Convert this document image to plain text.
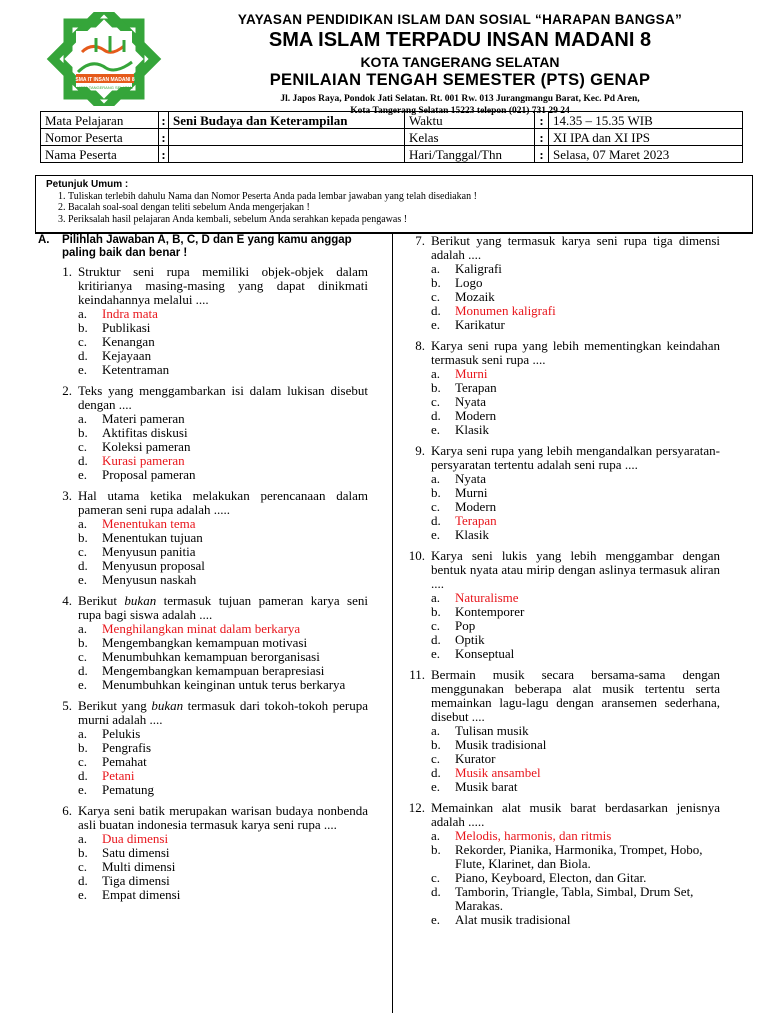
SMA IT INSAN MADANI 8
KOTA TANGERANG SELATAN
YAYASAN PENDIDIKAN ISLAM DAN SOSIAL “HARAPAN BANGSA”
SMA ISLAM TERPADU INSAN MADANI 8
KOTA TANGERANG SELATAN
PENILAIAN TENGAH SEMESTER (PTS) GENAP
Jl. Japos Raya, Pondok Jati Selatan. Rt. 001 Rw. 013 Jurangmangu Barat, Kec. Pd Aren,
Kota Tangerang Selatan 15223 telepon (021) 731 29 24
Mata Pelajaran	:	Seni Budaya dan Keterampilan	Waktu	:	14.35 – 15.35 WIB
Nomor Peserta	:		Kelas	:	XI IPA dan XI IPS
Nama Peserta	:		Hari/Tanggal/Thn	:	Selasa, 07 Maret 2023
Petunjuk Umum :
1. Tuliskan terlebih dahulu Nama dan Nomor Peserta Anda pada lembar jawaban yang telah disediakan !
2. Bacalah soal-soal dengan teliti sebelum Anda mengerjakan !
3. Periksalah hasil pelajaran Anda kembali, sebelum Anda serahkan kepada pengawas !
A.	Pilihlah Jawaban A, B, C, D dan E yang kamu anggap paling baik dan benar !
1. Struktur seni rupa memiliki objek-objek dalam kritirianya masing-masing yang dapat dinikmati keindahannya melalui ....
a.	Indra mata
b.	Publikasi
c.	Kenangan
d.	Kejayaan
e.	Ketentraman
2. Teks yang menggambarkan isi dalam lukisan disebut dengan ....
a.	Materi pameran
b.	Aktifitas diskusi
c.	Koleksi pameran
d.	Kurasi pameran
e.	Proposal pameran
3. Hal utama ketika melakukan perencanaan dalam pameran seni rupa adalah .....
a.	Menentukan tema
b.	Menentukan tujuan
c.	Menyusun panitia
d.	Menyusun proposal
e.	Menyusun naskah
4. Berikut bukan termasuk tujuan pameran karya seni rupa bagi siswa adalah ....
a.	Menghilangkan minat dalam berkarya
b.	Mengembangkan kemampuan motivasi
c.	Menumbuhkan kemampuan berorganisasi
d.	Mengembangkan kemampuan berapresiasi
e.	Menumbuhkan keinginan untuk terus berkarya
5. Berikut yang bukan termasuk dari tokoh-tokoh perupa murni adalah ....
a.	Pelukis
b.	Pengrafis
c.	Pemahat
d.	Petani
e.	Pematung
6. Karya seni batik merupakan warisan budaya nonbenda asli buatan indonesia termasuk karya seni rupa ....
a.	Dua dimensi
b.	Satu dimensi
c.	Multi dimensi
d.	Tiga dimensi
e.	Empat dimensi
7. Berikut yang termasuk karya seni rupa tiga dimensi adalah ....
a.	Kaligrafi
b.	Logo
c.	Mozaik
d.	Monumen kaligrafi
e.	Karikatur
8. Karya seni rupa yang lebih mementingkan keindahan termasuk seni rupa ....
a.	Murni
b.	Terapan
c.	Nyata
d.	Modern
e.	Klasik
9. Karya seni rupa yang lebih mengandalkan persyaratan-persyaratan tertentu adalah seni rupa ....
a.	Nyata
b.	Murni
c.	Modern
d.	Terapan
e.	Klasik
10. Karya seni lukis yang lebih menggambar dengan bentuk nyata atau mirip dengan aslinya termasuk aliran ....
a.	Naturalisme
b.	Kontemporer
c.	Pop
d.	Optik
e.	Konseptual
11. Bermain musik secara bersama-sama dengan menggunakan beberapa alat musik tertentu serta memainkan lagu-lagu dengan aransemen sederhana, disebut ....
a.	Tulisan musik
b.	Musik tradisional
c.	Kurator
d.	Musik ansambel
e.	Musik barat
12. Memainkan alat musik barat berdasarkan jenisnya adalah .....
a.	Melodis, harmonis, dan ritmis
b.	Rekorder, Pianika, Harmonika, Trompet, Hobo, Flute, Klarinet, dan Biola.
c.	Piano, Keyboard, Electon, dan Gitar.
d.	Tamborin, Triangle, Tabla, Simbal, Drum Set, Marakas.
e.	Alat musik tradisional
